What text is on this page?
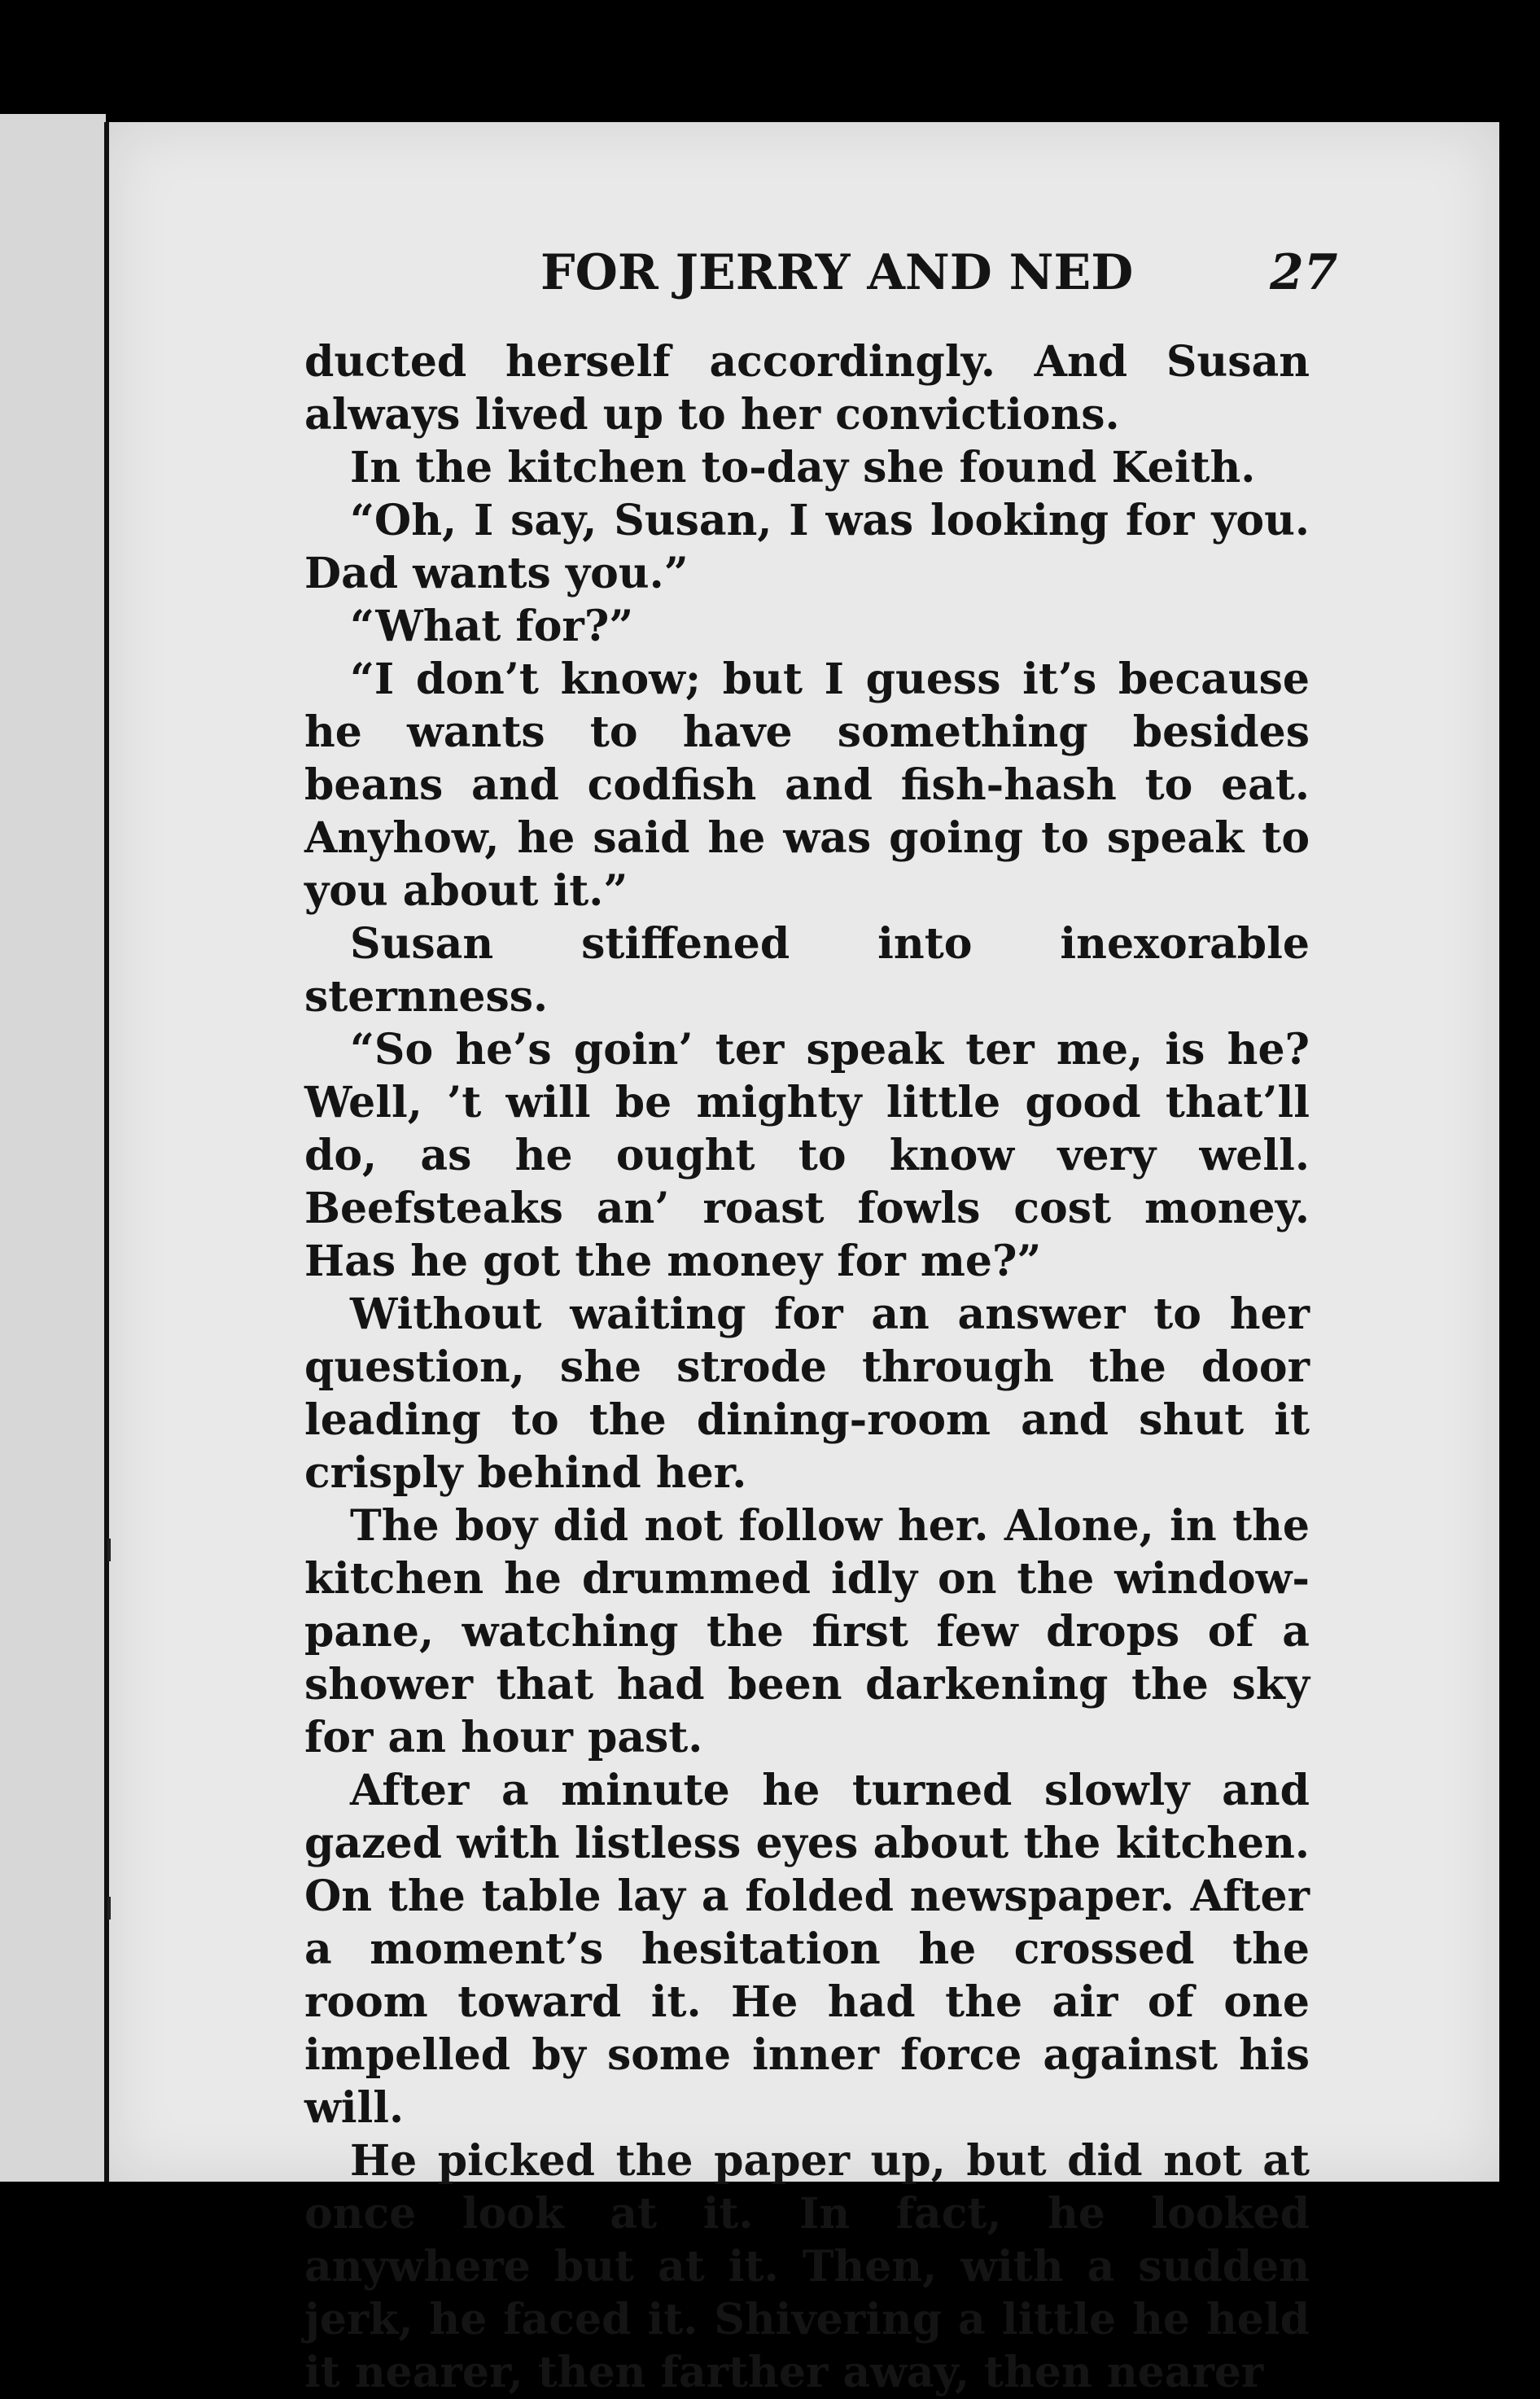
FOR JERRY AND NED	27

ducted herself accordingly. And Susan always lived up to her convictions.

In the kitchen to-day she found Keith.

“Oh, I say, Susan, I was looking for you. Dad wants you.”

“What for?”

“I don’t know; but I guess it’s because he wants to have something besides beans and codfish and fish-hash to eat. Anyhow, he said he was going to speak to you about it.”

Susan stiffened into inexorable sternness.

“So he’s goin’ ter speak ter me, is he? Well, ’t will be mighty little good that’ll do, as he ought to know very well. Beefsteaks an’ roast fowls cost money. Has he got the money for me?”

Without waiting for an answer to her question, she strode through the door leading to the dining-room and shut it crisply behind her.

The boy did not follow her. Alone, in the kitchen he drummed idly on the window-pane, watching the first few drops of a shower that had been darkening the sky for an hour past.

After a minute he turned slowly and gazed with listless eyes about the kitchen. On the table lay a folded newspaper. After a moment’s hesitation he crossed the room toward it. He had the air of one impelled by some inner force against his will.

He picked the paper up, but did not at once look at it. In fact, he looked anywhere but at it. Then, with a sudden jerk, he faced it. Shivering a little he held it nearer, then farther away, then nearer
